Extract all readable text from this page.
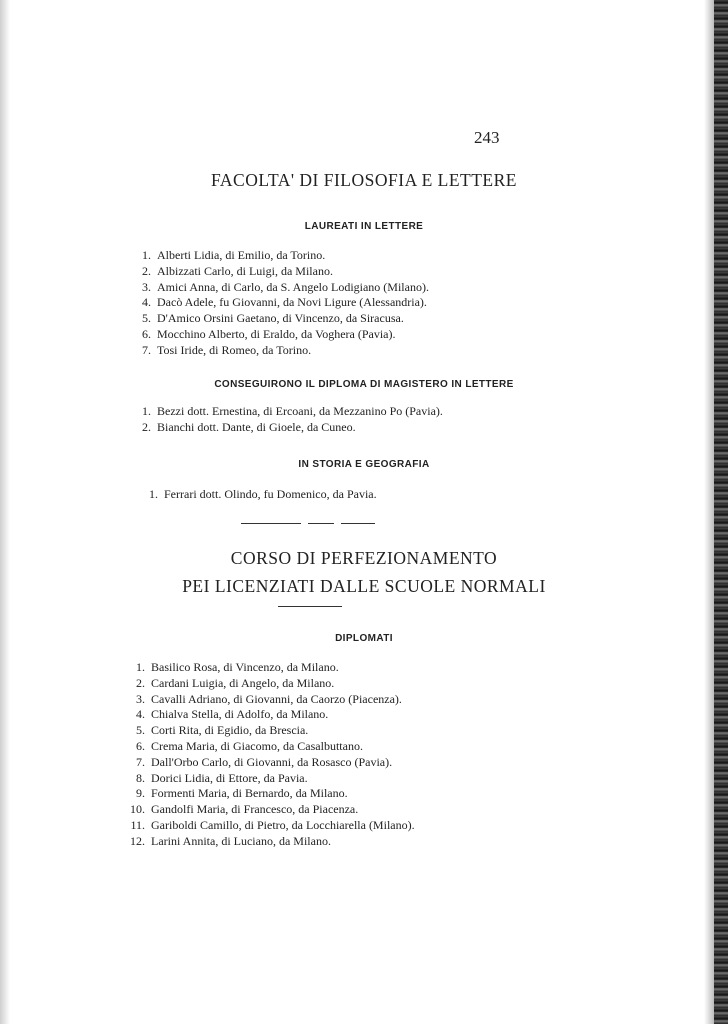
243
FACOLTA' DI FILOSOFIA E LETTERE
LAUREATI IN LETTERE
1. Alberti Lidia, di Emilio, da Torino.
2. Albizzati Carlo, di Luigi, da Milano.
3. Amici Anna, di Carlo, da S. Angelo Lodigiano (Milano).
4. Dacò Adele, fu Giovanni, da Novi Ligure (Alessandria).
5. D'Amico Orsini Gaetano, di Vincenzo, da Siracusa.
6. Mocchino Alberto, di Eraldo, da Voghera (Pavia).
7. Tosi Iride, di Romeo, da Torino.
CONSEGUIRONO IL DIPLOMA DI MAGISTERO IN LETTERE
1. Bezzi dott. Ernestina, di Ercoani, da Mezzanino Po (Pavia).
2. Bianchi dott. Dante, di Gioele, da Cuneo.
IN STORIA E GEOGRAFIA
1. Ferrari dott. Olindo, fu Domenico, da Pavia.
CORSO DI PERFEZIONAMENTO
PEI LICENZIATI DALLE SCUOLE NORMALI
DIPLOMATI
1. Basilico Rosa, di Vincenzo, da Milano.
2. Cardani Luigia, di Angelo, da Milano.
3. Cavalli Adriano, di Giovanni, da Caorzo (Piacenza).
4. Chialva Stella, di Adolfo, da Milano.
5. Corti Rita, di Egidio, da Brescia.
6. Crema Maria, di Giacomo, da Casalbuttano.
7. Dall'Orbo Carlo, di Giovanni, da Rosasco (Pavia).
8. Dorici Lidia, di Ettore, da Pavia.
9. Formenti Maria, di Bernardo, da Milano.
10. Gandolfi Maria, di Francesco, da Piacenza.
11. Gariboldi Camillo, di Pietro, da Locchiarella (Milano).
12. Larini Annita, di Luciano, da Milano.
